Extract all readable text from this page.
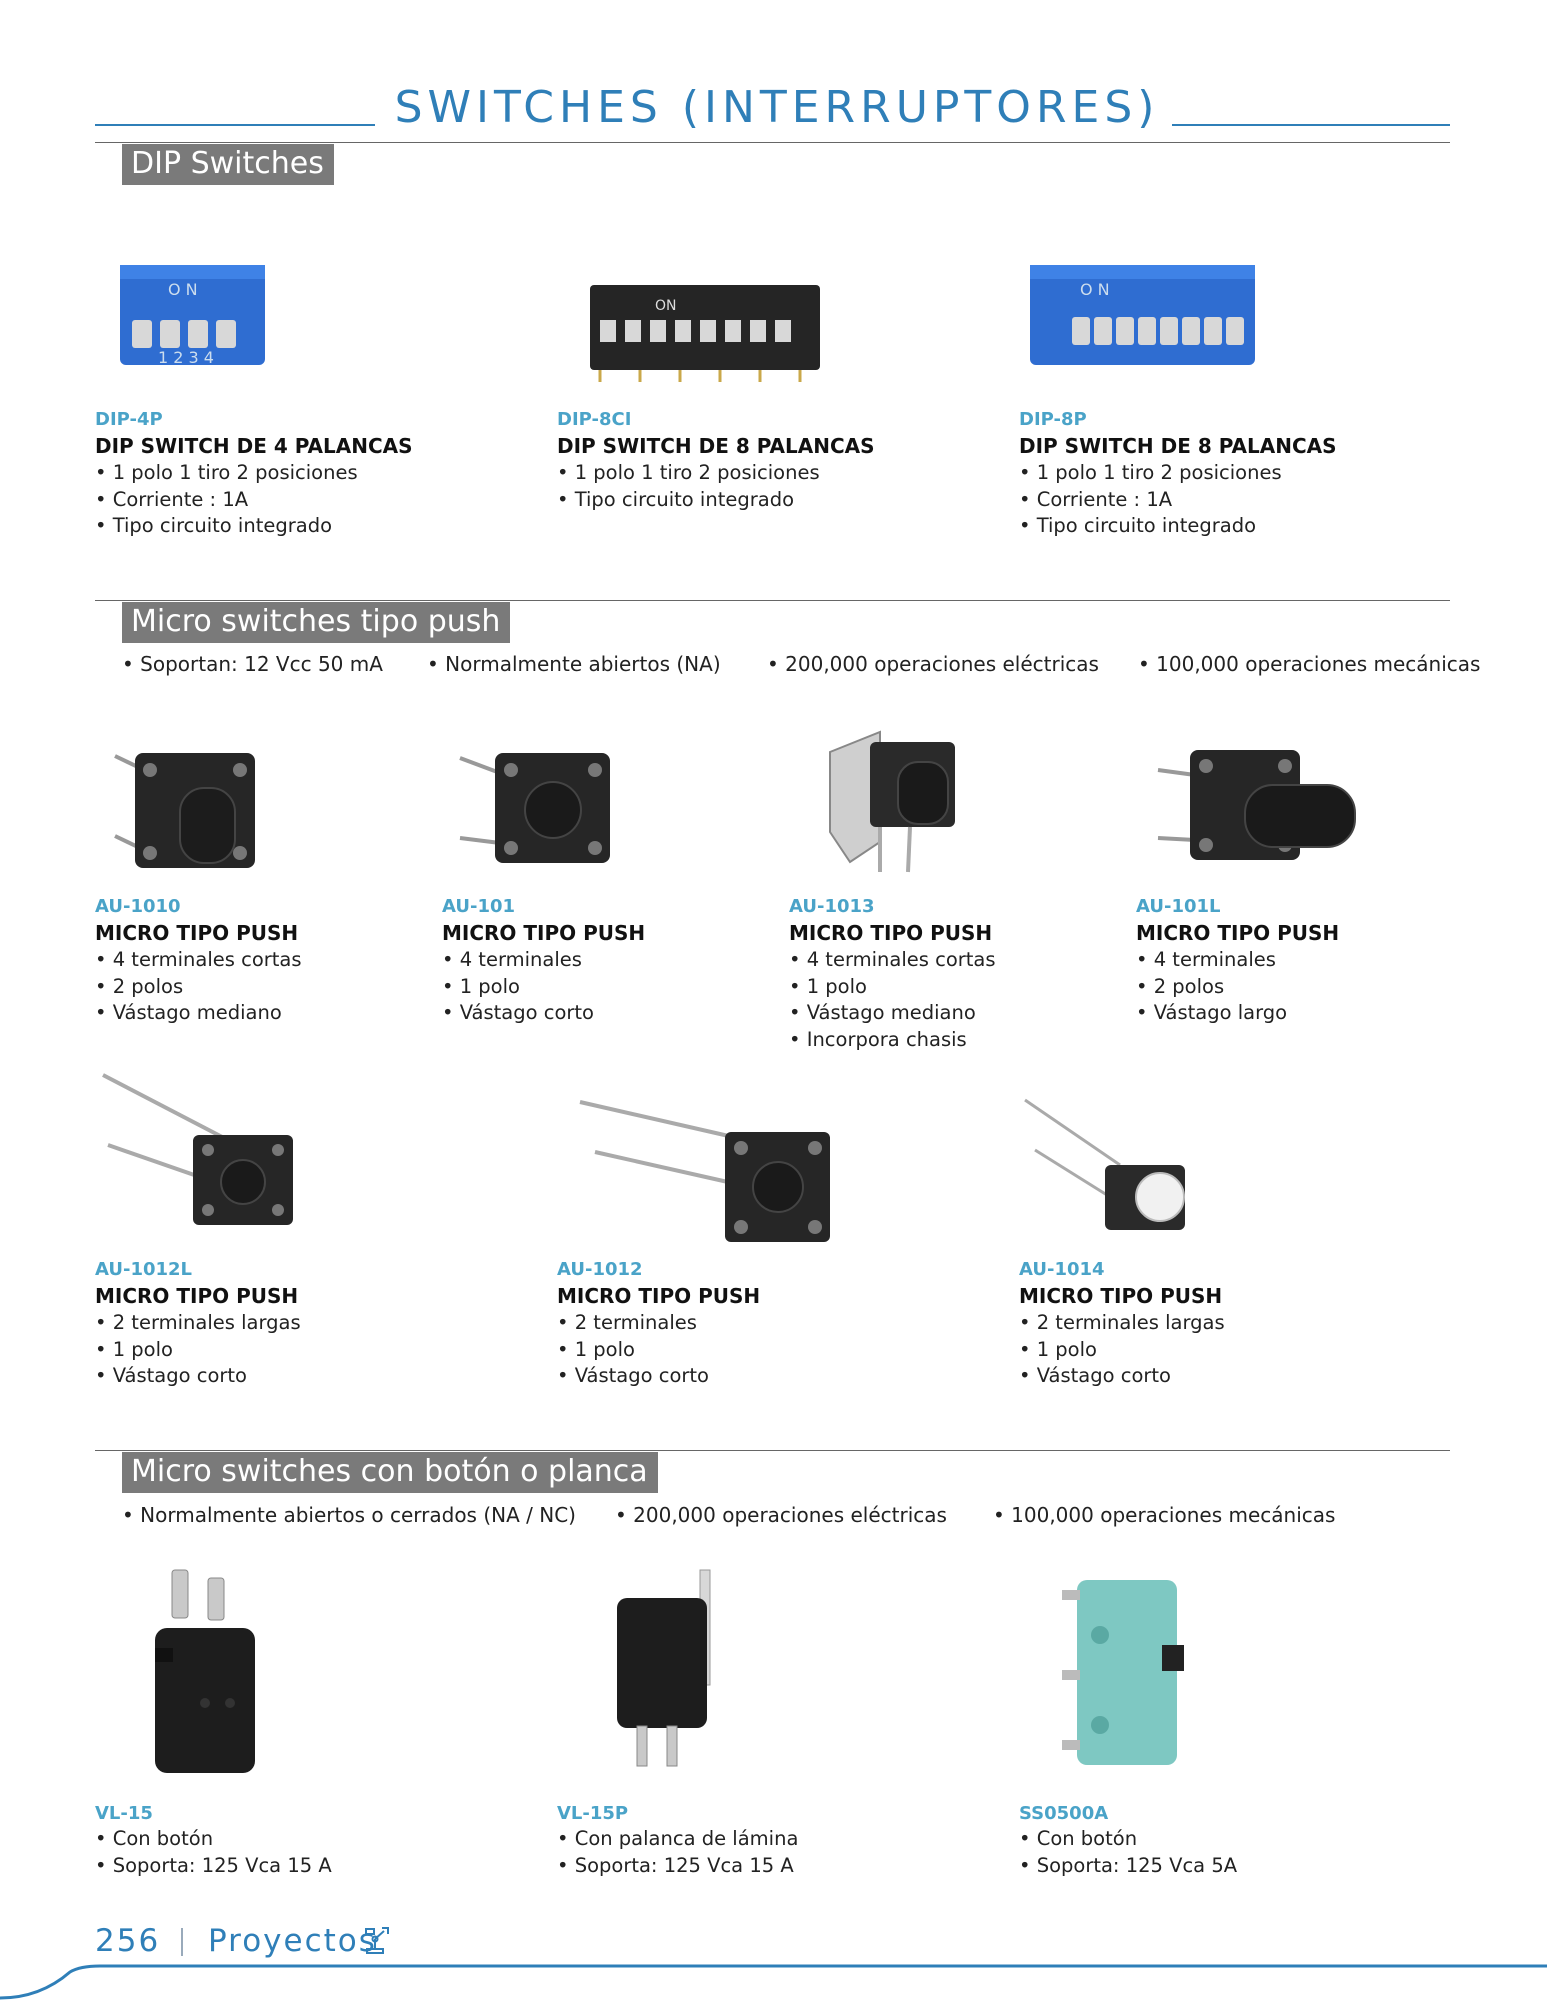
SWITCHES (INTERRUPTORES)
DIP Switches
O N
1 2 3 4
ON
O N
DIP-4P
DIP SWITCH DE 4 PALANCAS
• 1 polo 1 tiro 2 posiciones
• Corriente : 1A
• Tipo circuito integrado
DIP-8CI
DIP SWITCH DE 8 PALANCAS
• 1 polo 1 tiro 2 posiciones
• Tipo circuito integrado
DIP-8P
DIP SWITCH DE 8 PALANCAS
• 1 polo 1 tiro 2 posiciones
• Corriente : 1A
• Tipo circuito integrado
Micro switches tipo push
• Soportan: 12 Vcc 50 mA • Normalmente abiertos (NA) • 200,000 operaciones eléctricas • 100,000 operaciones mecánicas
AU-1010
MICRO TIPO PUSH
• 4 terminales cortas
• 2 polos
• Vástago mediano
AU-101
MICRO TIPO PUSH
• 4 terminales
• 1 polo
• Vástago corto
AU-1013
MICRO TIPO PUSH
• 4 terminales cortas
• 1 polo
• Vástago mediano
• Incorpora chasis
AU-101L
MICRO TIPO PUSH
• 4 terminales
• 2 polos
• Vástago largo
AU-1012L
MICRO TIPO PUSH
• 2 terminales largas
• 1 polo
• Vástago corto
AU-1012
MICRO TIPO PUSH
• 2 terminales
• 1 polo
• Vástago corto
AU-1014
MICRO TIPO PUSH
• 2 terminales largas
• 1 polo
• Vástago corto
Micro switches con botón o planca
• Normalmente abiertos o cerrados (NA / NC) • 200,000 operaciones eléctricas • 100,000 operaciones mecánicas
VL-15
• Con botón
• Soporta: 125 Vca 15 A
VL-15P
• Con palanca de lámina
• Soporta: 125 Vca 15 A
SS0500A
• Con botón
• Soporta: 125 Vca 5A
256 Proyectos
